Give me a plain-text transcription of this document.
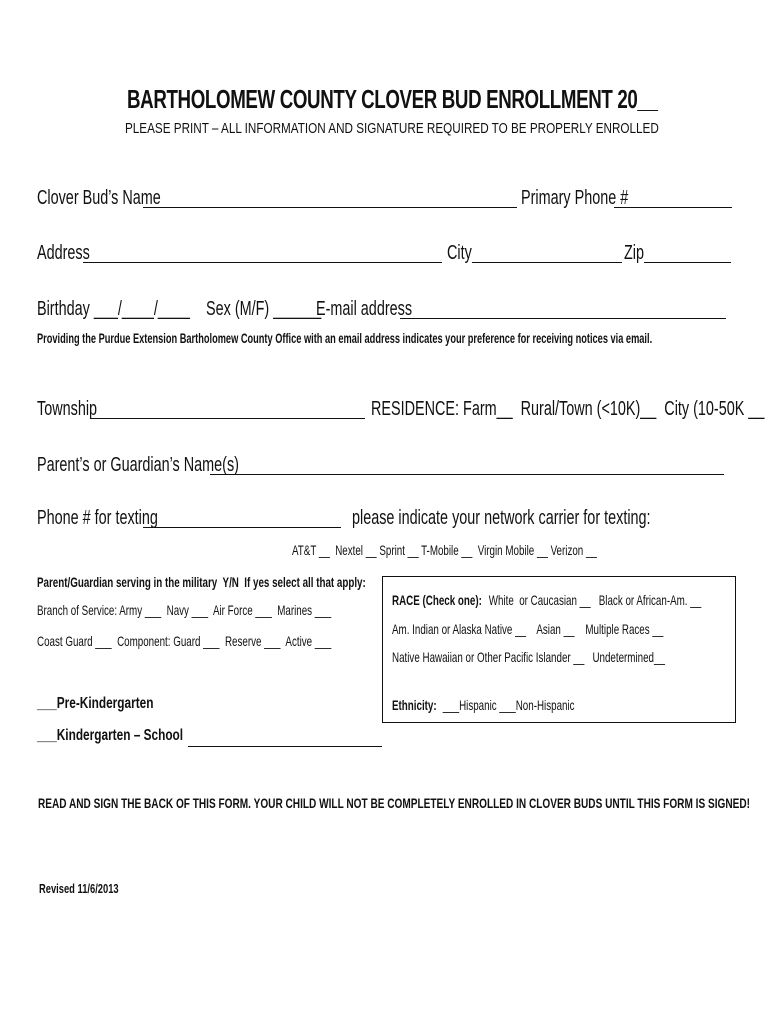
BARTHOLOMEW COUNTY CLOVER BUD ENROLLMENT 20__
PLEASE PRINT – ALL INFORMATION AND SIGNATURE REQUIRED TO BE PROPERLY ENROLLED
Clover Bud’s Name	Primary Phone #
Address	City	Zip
Birthday ___/____/____ Sex (M/F) ______
E-mail address
Providing the Purdue Extension Bartholomew County Office with an email address indicates your preference for receiving notices via email.
Township	RESIDENCE: Farm__  Rural/Town (<10K)__  City (10-50K __
Parent’s or Guardian’s Name(s)
Phone # for texting	please indicate your network carrier for texting:
AT&T __  Nextel __ Sprint __ T-Mobile __  Virgin Mobile __ Verizon __
Parent/Guardian serving in the military  Y/N  If yes select all that apply:
Branch of Service: Army ___  Navy ___  Air Force ___  Marines ___
Coast Guard ___  Component: Guard ___  Reserve ___  Active ___
RACE (Check one): White  or Caucasian __   Black or African-Am. __
Am. Indian or Alaska Native __    Asian __    Multiple Races __
Native Hawaiian or Other Pacific Islander __   Undetermined__
Ethnicity: ___Hispanic ___Non-Hispanic
___Pre-Kindergarten
___Kindergarten – School
READ AND SIGN THE BACK OF THIS FORM. YOUR CHILD WILL NOT BE COMPLETELY ENROLLED IN CLOVER BUDS UNTIL THIS FORM IS SIGNED!
Revised 11/6/2013
